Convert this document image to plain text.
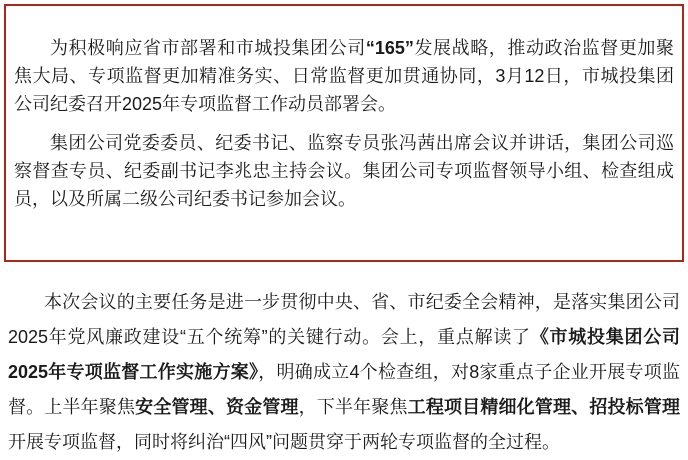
为积极响应省市部署和市城投集团公司“165”发展战略，推动政治监督更加聚焦大局、专项监督更加精准务实、日常监督更加贯通协同，3月12日，市城投集团公司纪委召开2025年专项监督工作动员部署会。

集团公司党委委员、纪委书记、监察专员张冯茜出席会议并讲话，集团公司巡察督查专员、纪委副书记李兆忠主持会议。集团公司专项监督领导小组、检查组成员，以及所属二级公司纪委书记参加会议。

本次会议的主要任务是进一步贯彻中央、省、市纪委全会精神，是落实集团公司2025年党风廉政建设“五个统筹”的关键行动。会上，重点解读了《市城投集团公司2025年专项监督工作实施方案》，明确成立4个检查组，对8家重点子企业开展专项监督。上半年聚焦安全管理、资金管理，下半年聚焦工程项目精细化管理、招投标管理开展专项监督，同时将纠治“四风”问题贯穿于两轮专项监督的全过程。
